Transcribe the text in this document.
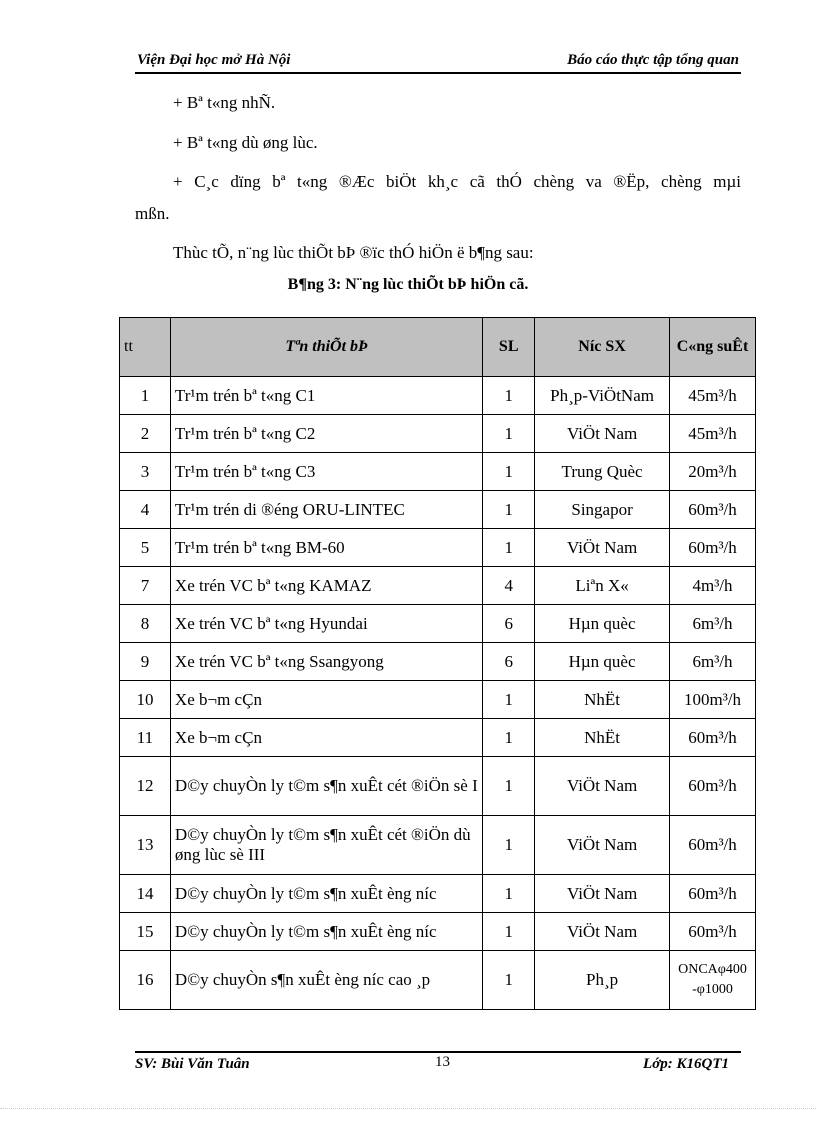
Viện Đại học mở Hà Nội	Báo cáo thực tập tổng quan
+ Bª t«ng nhÑ.
+ Bª t«ng dù øng lùc.
+ C¸c dïng bª t«ng ®Æc biÖt kh¸c cã thÓ chèng va ®Ëp, chèng mµi
mßn.
Thùc tÕ, n¨ng lùc thiÕt bÞ ®ïc thÓ hiÖn ë b¶ng sau:
B¶ng 3: N¨ng lùc thiÕt bÞ hiÖn cã.
tt	Tªn thiÕt bÞ	SL	Níc SX	C«ng suÊt
1	Tr¹m trén bª t«ng C1	1	Ph¸p-ViÖtNam	45m³/h
2	Tr¹m trén bª t«ng C2	1	ViÖt Nam	45m³/h
3	Tr¹m trén bª t«ng C3	1	Trung Quèc	20m³/h
4	Tr¹m trén di ®éng ORU-LINTEC	1	Singapor	60m³/h
5	Tr¹m trén bª t«ng BM-60	1	ViÖt Nam	60m³/h
7	Xe trén VC bª t«ng KAMAZ	4	Liªn X«	4m³/h
8	Xe trén VC bª t«ng Hyundai	6	Hµn quèc	6m³/h
9	Xe trén VC bª t«ng Ssangyong	6	Hµn quèc	6m³/h
10	Xe b¬m cÇn	1	NhËt	100m³/h
11	Xe b¬m cÇn	1	NhËt	60m³/h
12	D©y chuyÒn ly t©m s¶n xuÊt cét ®iÖn sè I	1	ViÖt Nam	60m³/h
13	D©y chuyÒn ly t©m s¶n xuÊt cét ®iÖn dù øng lùc sè III	1	ViÖt Nam	60m³/h
14	D©y chuyÒn ly t©m s¶n xuÊt èng níc	1	ViÖt Nam	60m³/h
15	D©y chuyÒn ly t©m s¶n xuÊt èng níc	1	ViÖt Nam	60m³/h
16	D©y chuyÒn s¶n xuÊt èng níc cao ¸p	1	Ph¸p	ONCAφ400 -φ1000
SV: Bùi Văn Tuân	13	Lớp: K16QT1
